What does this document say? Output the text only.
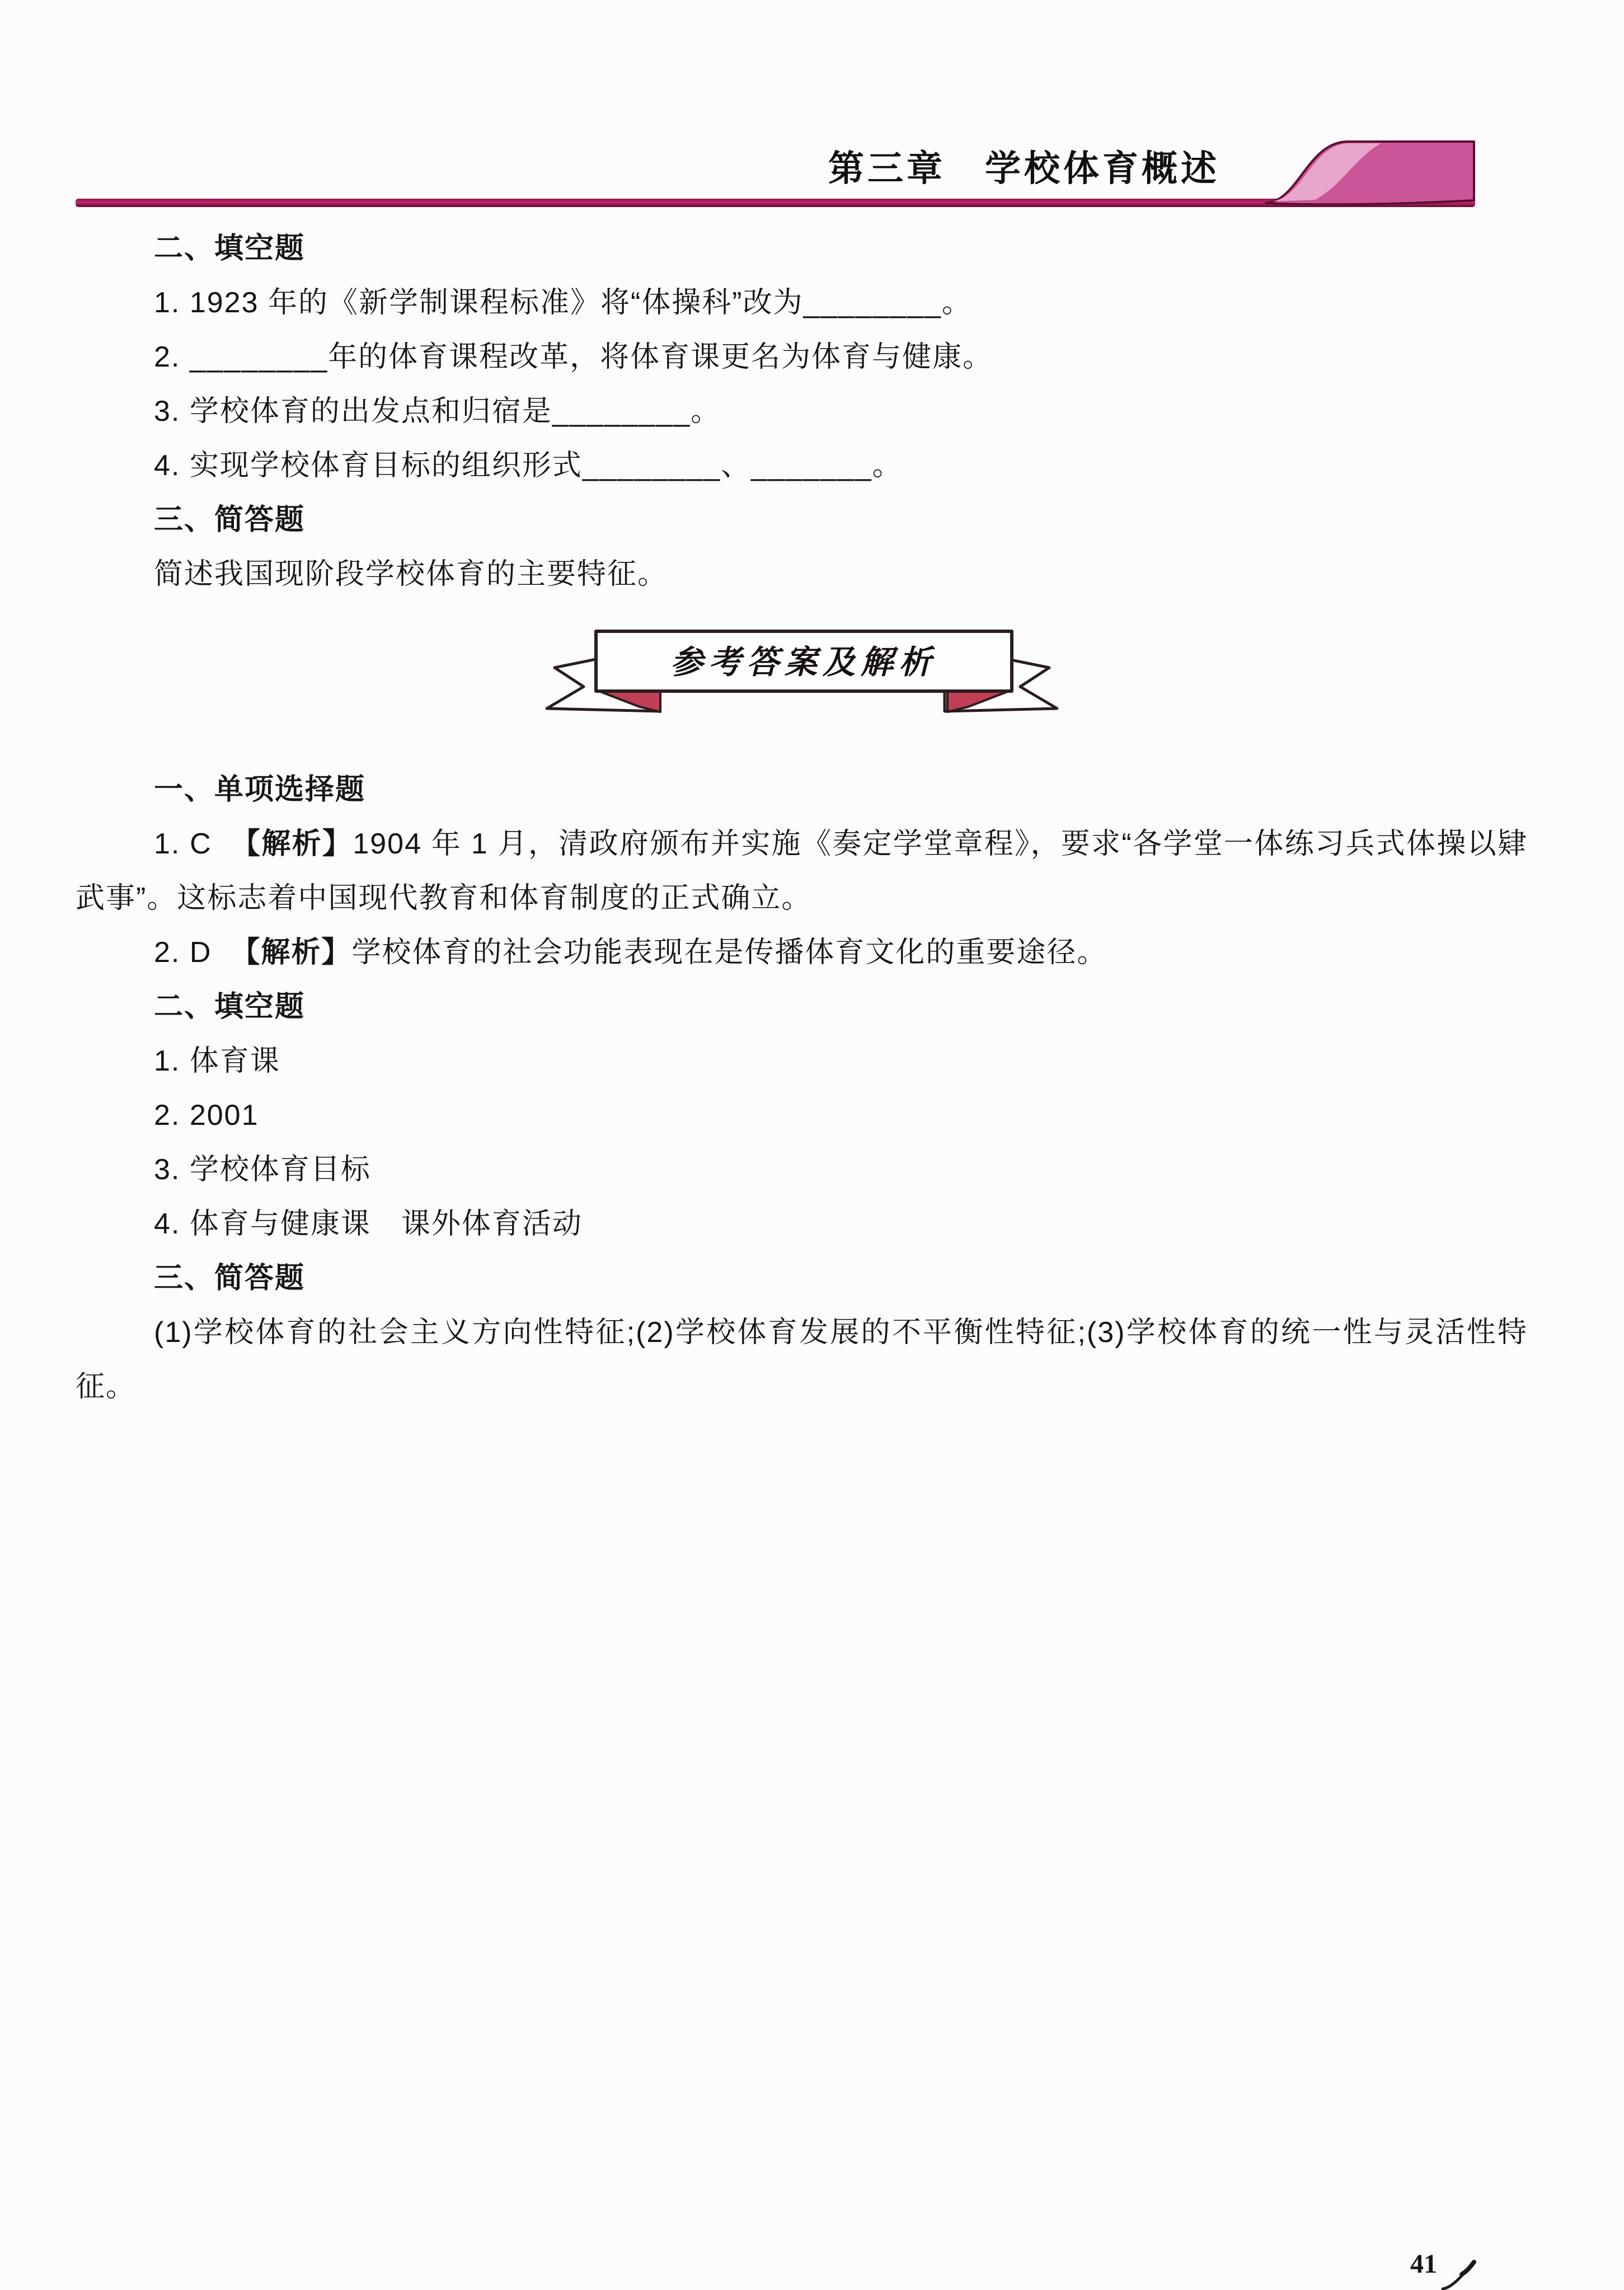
第三章　学校体育概述

二、填空题

1. 1923 年的《新学制课程标准》将“体操科”改为________。

2. ________年的体育课程改革，将体育课更名为体育与健康。

3. 学校体育的出发点和归宿是________。

4. 实现学校体育目标的组织形式________、_______。

三、简答题

简述我国现阶段学校体育的主要特征。

参考答案及解析

一、单项选择题

1. C 【解析】1904 年 1 月，清政府颁布并实施《奏定学堂章程》，要求“各学堂一体练习兵式体操以肄武事”。这标志着中国现代教育和体育制度的正式确立。

2. D 【解析】学校体育的社会功能表现在是传播体育文化的重要途径。

二、填空题

1. 体育课

2. 2001

3. 学校体育目标

4. 体育与健康课　课外体育活动

三、简答题

(1)学校体育的社会主义方向性特征;(2)学校体育发展的不平衡性特征;(3)学校体育的统一性与灵活性特征。

41
